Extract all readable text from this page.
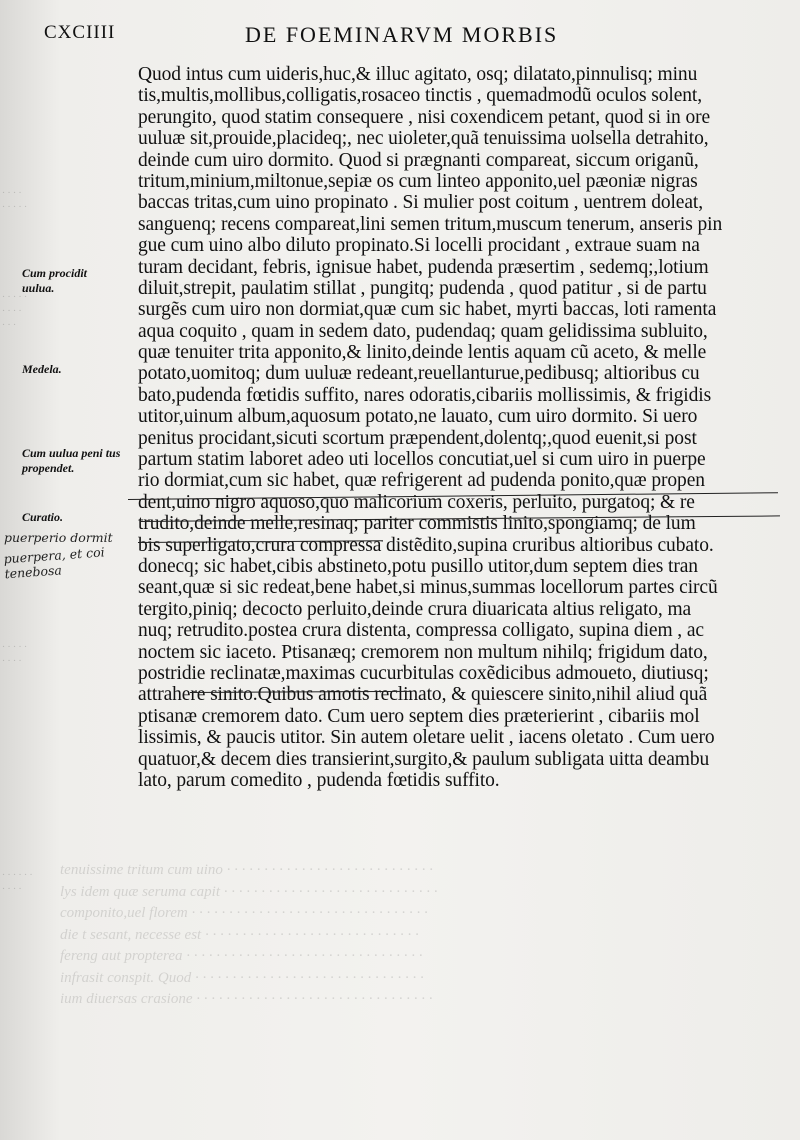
tenuissime tritum cum uino · · · · · · · · · · · · · · · · · · · · · · · · · · · ·
lys idem quæ seruma capit · · · · · · · · · · · · · · · · · · · · · · · · · · · · ·
componito,uel florem · · · · · · · · · · · · · · · · · · · · · · · · · · · · · · · ·
die t sesant, necesse est · · · · · · · · · · · · · · · · · · · · · · · · · · · · ·
fereng aut propterea · · · · · · · · · · · · · · · · · · · · · · · · · · · · · · · ·
infrasit conspit. Quod · · · · · · · · · · · · · · · · · · · · · · · · · · · · · · ·
ium diuersas crasione · · · · · · · · · · · · · · · · · · · · · · · · · · · · · · · ·
· · · ·
· · · · ·
· · · · ·
· · · ·
· · ·
· · · · ·
· · · ·
· · · · · ·
· · · ·
CXCIIII	DE FOEMINARVM MORBIS
Quod intus cum uideris,huc,& illuc agitato, osq; dilatato,pinnulisq; minu
tis,multis,mollibus,colligatis,rosaceo tinctis , quemadmodũ oculos solent,
perungito, quod statim consequere , nisi coxendicem petant, quod si in ore
uuluæ sit,prouide,placideq;, nec uioleter,quã tenuissima uolsella detrahito,
deinde cum uiro dormito. Quod si prægnanti compareat, siccum origanũ,
tritum,minium,miltonue,sepiæ os cum linteo apponito,uel pæoniæ nigras
baccas tritas,cum uino propinato . Si mulier post coitum , uentrem doleat,
sanguenq; recens compareat,lini semen tritum,muscum tenerum, anseris pin
gue cum uino albo diluto propinato.Si locelli procidant , extraue suam na
turam decidant, febris, ignisue habet, pudenda præsertim , sedemq;,lotium
diluit,strepit, paulatim stillat , pungitq; pudenda , quod patitur , si de partu
surgẽs cum uiro non dormiat,quæ cum sic habet, myrti baccas, loti ramenta
aqua coquito , quam in sedem dato, pudendaq; quam gelidissima subluito,
quæ tenuiter trita apponito,& linito,deinde lentis aquam cũ aceto, & melle
potato,uomitoq; dum uuluæ redeant,reuellanturue,pedibusq; altioribus cu
bato,pudenda fœtidis suffito, nares odoratis,cibariis mollissimis, & frigidis
utitor,uinum album,aquosum potato,ne lauato, cum uiro dormito. Si uero
penitus procidant,sicuti scortum præpendent,dolentq;,quod euenit,si post
partum statim laboret adeo uti locellos concutiat,uel si cum uiro in puerpe
rio dormiat,cum sic habet, quæ refrigerent ad pudenda ponito,quæ propen
dent,uino nigro aquoso,quo malicorium coxeris, perluito, purgatoq; & re
trudito,deinde melle,resinaq; pariter commistis linito,spongiamq; de lum
bis superligato,crura compressa distẽdito,supina cruribus altioribus cubato.
donecq; sic habet,cibis abstineto,potu pusillo utitor,dum septem dies tran
seant,quæ si sic redeat,bene habet,si minus,summas locellorum partes circũ
tergito,piniq; decocto perluito,deinde crura diuaricata altius religato, ma
nuq; retrudito.postea crura distenta, compressa colligato, supina diem , ac
noctem sic iaceto. Ptisanæq; cremorem non multum nihilq; frigidum dato,
postridie reclinatæ,maximas cucurbitulas coxẽdicibus admoueto, diutiusq;
attrahere sinito.Quibus amotis reclinato, & quiescere sinito,nihil aliud quã
ptisanæ cremorem dato. Cum uero septem dies præterierint , cibariis mol
lissimis, & paucis utitor. Sin autem oletare uelit , iacens oletato . Cum uero
quatuor,& decem dies transierint,surgito,& paulum subligata uitta deambu
lato, parum comedito , pudenda fœtidis suffito.
Cum procidit uulua.
Medela.
Cum uulua peni tus propendet.
Curatio.
puerperio dormit
puerpera, et coi tenebosa
